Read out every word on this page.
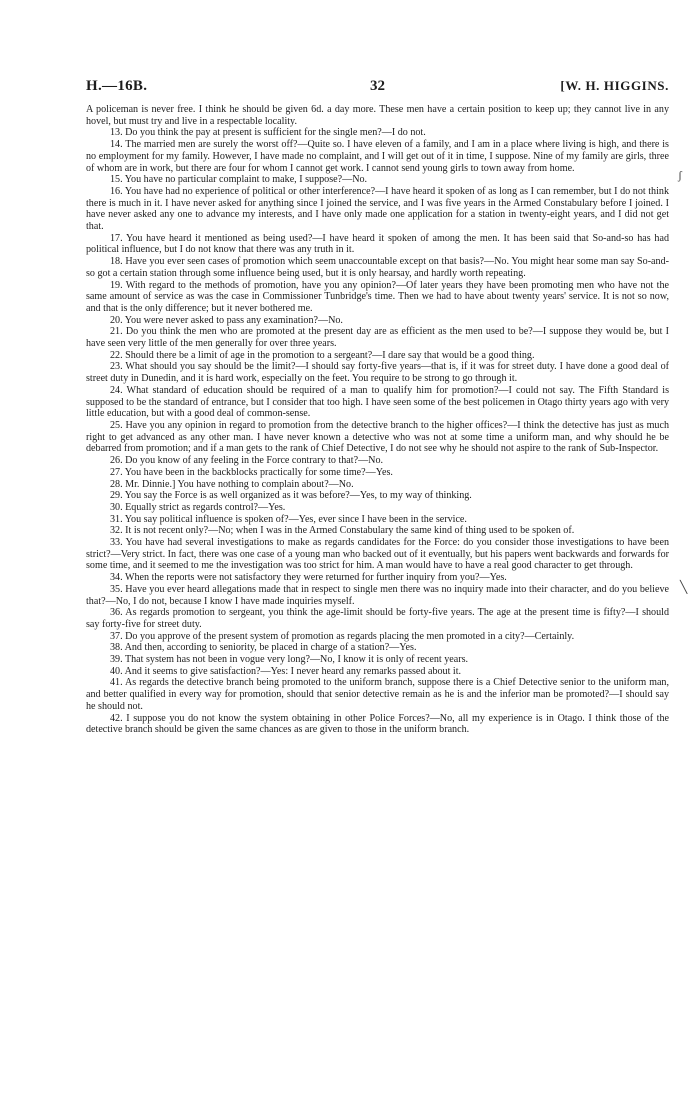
H.—16B.	32	[W. H. HIGGINS.

A policeman is never free. I think he should be given 6d. a day more. These men have a certain position to keep up; they cannot live in any hovel, but must try and live in a respectable locality.

13. Do you think the pay at present is sufficient for the single men?—I do not.

14. The married men are surely the worst off?—Quite so. I have eleven of a family, and I am in a place where living is high, and there is no employment for my family. However, I have made no complaint, and I will get out of it in time, I suppose. Nine of my family are girls, three of whom are in work, but there are four for whom I cannot get work. I cannot send young girls to town away from home.

15. You have no particular complaint to make, I suppose?—No.

16. You have had no experience of political or other interference?—I have heard it spoken of as long as I can remember, but I do not think there is much in it. I have never asked for anything since I joined the service, and I was five years in the Armed Constabulary before I joined. I have never asked any one to advance my interests, and I have only made one application for a station in twenty-eight years, and I did not get that.

17. You have heard it mentioned as being used?—I have heard it spoken of among the men. It has been said that So-and-so has had political influence, but I do not know that there was any truth in it.

18. Have you ever seen cases of promotion which seem unaccountable except on that basis?—No. You might hear some man say So-and-so got a certain station through some influence being used, but it is only hearsay, and hardly worth repeating.

19. With regard to the methods of promotion, have you any opinion?—Of later years they have been promoting men who have not the same amount of service as was the case in Commissioner Tunbridge's time. Then we had to have about twenty years' service. It is not so now, and that is the only difference; but it never bothered me.

20. You were never asked to pass any examination?—No.

21. Do you think the men who are promoted at the present day are as efficient as the men used to be?—I suppose they would be, but I have seen very little of the men generally for over three years.

22. Should there be a limit of age in the promotion to a sergeant?—I dare say that would be a good thing.

23. What should you say should be the limit?—I should say forty-five years—that is, if it was for street duty. I have done a good deal of street duty in Dunedin, and it is hard work, especially on the feet. You require to be strong to go through it.

24. What standard of education should be required of a man to qualify him for promotion?—I could not say. The Fifth Standard is supposed to be the standard of entrance, but I consider that too high. I have seen some of the best policemen in Otago thirty years ago with very little education, but with a good deal of common-sense.

25. Have you any opinion in regard to promotion from the detective branch to the higher offices?—I think the detective has just as much right to get advanced as any other man. I have never known a detective who was not at some time a uniform man, and why should he be debarred from promotion; and if a man gets to the rank of Chief Detective, I do not see why he should not aspire to the rank of Sub-Inspector.

26. Do you know of any feeling in the Force contrary to that?—No.

27. You have been in the backblocks practically for some time?—Yes.

28. Mr. Dinnie.] You have nothing to complain about?—No.

29. You say the Force is as well organized as it was before?—Yes, to my way of thinking.

30. Equally strict as regards control?—Yes.

31. You say political influence is spoken of?—Yes, ever since I have been in the service.

32. It is not recent only?—No; when I was in the Armed Constabulary the same kind of thing used to be spoken of.

33. You have had several investigations to make as regards candidates for the Force: do you consider those investigations to have been strict?—Very strict. In fact, there was one case of a young man who backed out of it eventually, but his papers went backwards and forwards for some time, and it seemed to me the investigation was too strict for him. A man would have to have a real good character to get through.

34. When the reports were not satisfactory they were returned for further inquiry from you?—Yes.

35. Have you ever heard allegations made that in respect to single men there was no inquiry made into their character, and do you believe that?—No, I do not, because I know I have made inquiries myself.

36. As regards promotion to sergeant, you think the age-limit should be forty-five years. The age at the present time is fifty?—I should say forty-five for street duty.

37. Do you approve of the present system of promotion as regards placing the men promoted in a city?—Certainly.

38. And then, according to seniority, be placed in charge of a station?—Yes.

39. That system has not been in vogue very long?—No, I know it is only of recent years.

40. And it seems to give satisfaction?—Yes: I never heard any remarks passed about it.

41. As regards the detective branch being promoted to the uniform branch, suppose there is a Chief Detective senior to the uniform man, and better qualified in every way for promotion, should that senior detective remain as he is and the inferior man be promoted?—I should say he should not.

42. I suppose you do not know the system obtaining in other Police Forces?—No, all my experience is in Otago. I think those of the detective branch should be given the same chances as are given to those in the uniform branch.

ʃ
╲
